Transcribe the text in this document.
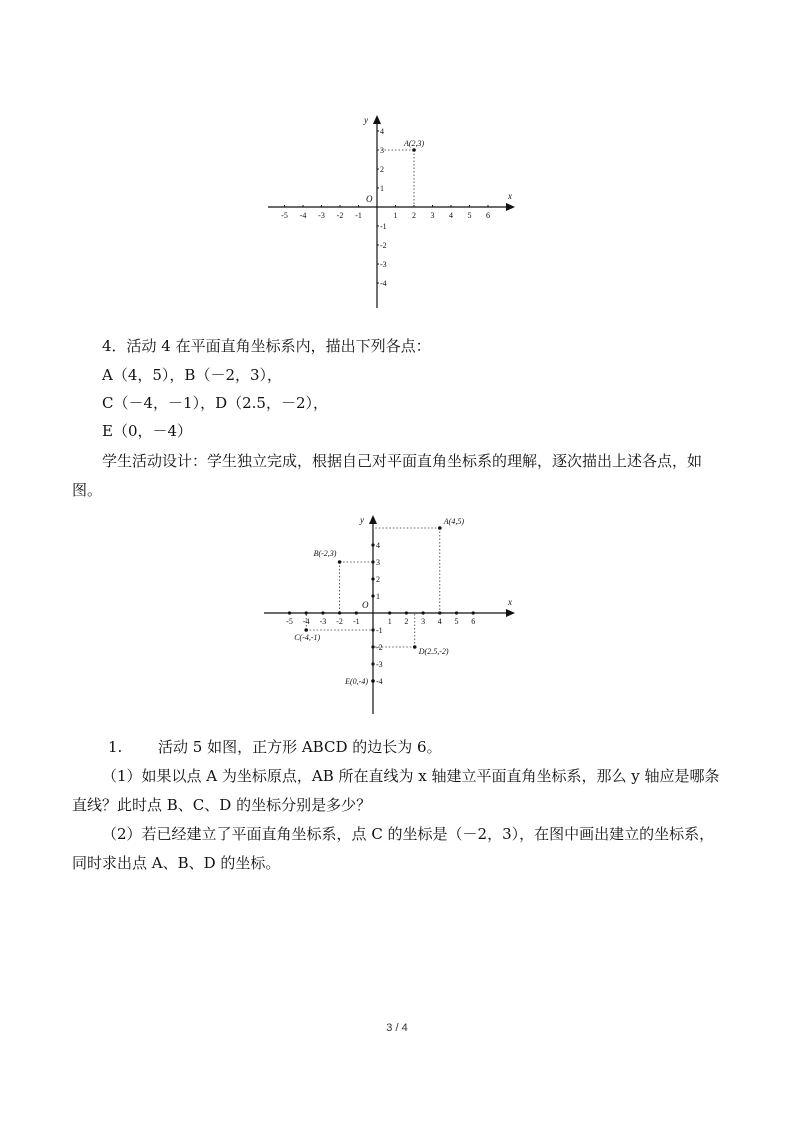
x
y
O
-5 -4 -3 -2 -1	1 2 3 4 5 6
4
3
2
1
-1
-2
-3
-4
A(2,3)
4．活动 4 在平面直角坐标系内，描出下列各点：
A（4，5），B（－2，3），
C（－4，－1），D（2.5，－2），
E（0，－4）
学生活动设计：学生独立完成，根据自己对平面直角坐标系的理解，逐次描出上述各点，如图。
x
y
O
-5 -4 -3 -2 -1	1 2 3 4 5 6
4
3
2
1
-1
-2
-3
-4
A(4,5)
B(-2,3)
C(-4,-1)
D(2.5,-2)
E(0,-4)
1. 活动 5 如图，正方形 ABCD 的边长为 6。
（1）如果以点 A 为坐标原点，AB 所在直线为 x 轴建立平面直角坐标系，那么 y 轴应是哪条直线？此时点 B、C、D 的坐标分别是多少？
（2）若已经建立了平面直角坐标系，点 C 的坐标是（－2，3），在图中画出建立的坐标系，同时求出点 A、B、D 的坐标。
3 / 4
